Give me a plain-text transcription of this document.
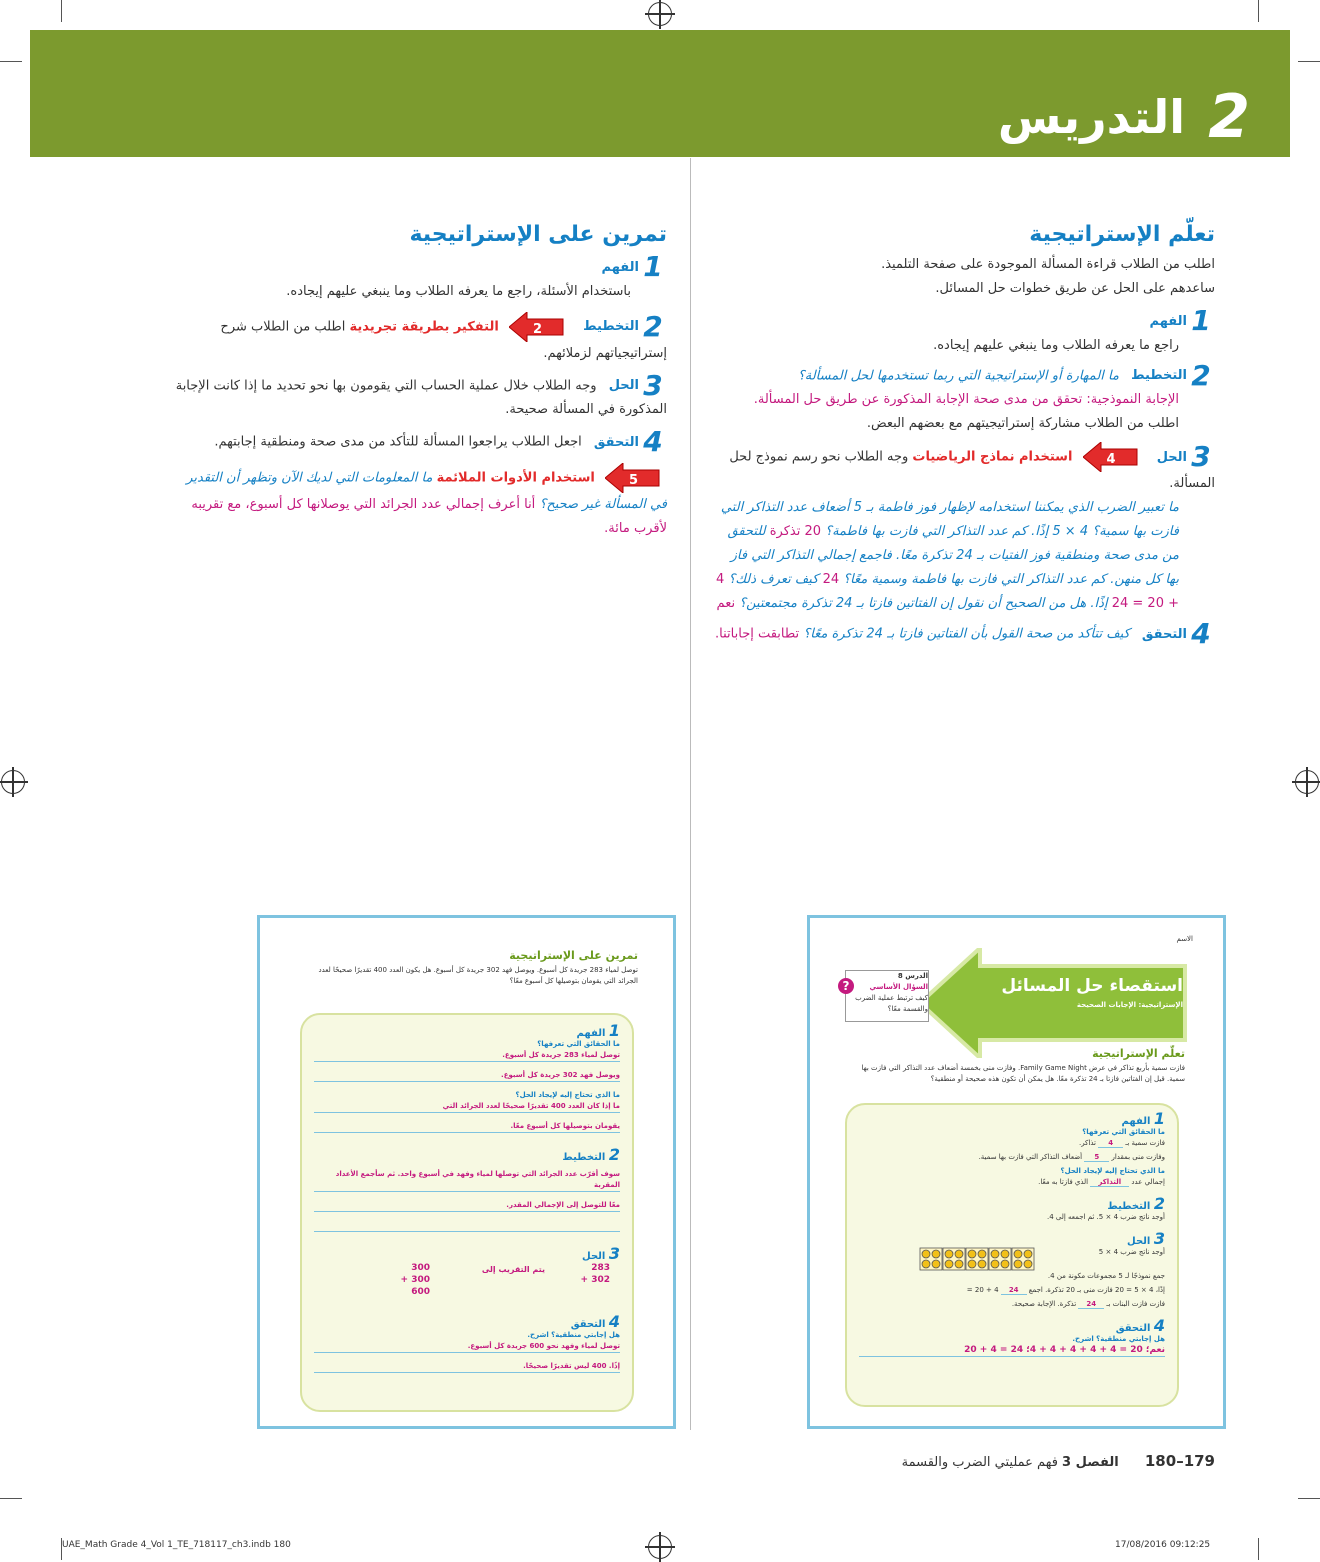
التدريس 2
تعلّم الإستراتيجية
اطلب من الطلاب قراءة المسألة الموجودة على صفحة التلميذ.
ساعدهم على الحل عن طريق خطوات حل المسائل.
1الفهم
راجع ما يعرفه الطلاب وما ينبغي عليهم إيجاده.
2التخطيط ما المهارة أو الإستراتيجية التي ربما تستخدمها لحل المسألة؟
الإجابة النموذجية: تحقق من مدى صحة الإجابة المذكورة عن طريق حل المسألة.
اطلب من الطلاب مشاركة إستراتيجيتهم مع بعضهم البعض.
3الحل
4
استخدام نماذج الرياضيات وجه الطلاب نحو رسم نموذج لحل المسألة.
ما تعبير الضرب الذي يمكننا استخدامه لإظهار فوز فاطمة بـ 5 أضعاف عدد التذاكر التي فازت بها سمية؟ 4 × 5 إذًا. كم عدد التذاكر التي فازت بها فاطمة؟ 20 تذكرة للتحقق من مدى صحة ومنطقية فوز الفتيات بـ 24 تذكرة معًا. فاجمع إجمالي التذاكر التي فاز بها كل منهن. كم عدد التذاكر التي فازت بها فاطمة وسمية معًا؟ 24 كيف تعرف ذلك؟ 4 + 20 = 24 إذًا. هل من الصحيح أن نقول إن الفتاتين فازتا بـ 24 تذكرة مجتمعتين؟ نعم
4التحقق كيف تتأكد من صحة القول بأن الفتاتين فازتا بـ 24 تذكرة معًا؟ تطابقت إجاباتنا.
تمرين على الإستراتيجية
1الفهم
باستخدام الأسئلة، راجع ما يعرفه الطلاب وما ينبغي عليهم إيجاده.
2التخطيط
2
التفكير بطريقة تجريدية اطلب من الطلاب شرح إستراتيجياتهم لزملائهم.
3الحل وجه الطلاب خلال عملية الحساب التي يقومون بها نحو تحديد ما إذا كانت الإجابة المذكورة في المسألة صحيحة.
4التحقق اجعل الطلاب يراجعوا المسألة للتأكد من مدى صحة ومنطقية إجابتهم.
5
استخدام الأدوات الملائمة ما المعلومات التي لديك الآن وتظهر أن التقدير في المسألة غير صحيح؟ أنا أعرف إجمالي عدد الجرائد التي يوصلانها كل أسبوع، مع تقريبه لأقرب مائة.
تمرين على الإستراتيجية
توصل لمياء 283 جريدة كل أسبوع. ويوصل فهد 302 جريدة كل أسبوع. هل يكون العدد 400 تقديرًا صحيحًا لعدد الجرائد التي يقومان بتوصيلها كل أسبوع معًا؟
1 الفهم
ما الحقائق التي تعرفها؟
توصل لمياء 283 جريدة كل أسبوع.
ويوصل فهد 302 جريدة كل أسبوع.
ما الذي تحتاج إليه لإيجاد الحل؟
ما إذا كان العدد 400 تقديرًا صحيحًا لعدد الجرائد التي
يقومان بتوصيلها كل أسبوع معًا.
2 التخطيط
سوف أقرّب عدد الجرائد التي توصلها لمياء وفهد في أسبوع واحد. ثم سأجمع الأعداد المقربة
معًا للتوصل إلى الإجمالي المقدر.
3 الحل
283
+ 302
يتم التقريب إلى
300
+ 300
600
4 التحقق
هل إجابتي منطقية؟ اشرح.
توصل لمياء وفهد نحو 600 جريدة كل أسبوع.
إذًا. 400 ليس تقديرًا صحيحًا.
الاسم
استقصاء حل المسائل
الإستراتيجية: الإجابات الصحيحة
الدرس 8
السؤال الأساسي
كيف ترتبط عملية الضرب والقسمة معًا؟
?
تعلّم الإستراتيجية
فازت سمية بأربع تذاكر في عرض Family Game Night. وفازت منى بخمسة أضعاف عدد التذاكر التي فازت بها سمية. قيل إن الفتاتين فازتا بـ 24 تذكرة معًا. هل يمكن أن تكون هذه صحيحة أو منطقية؟
1 الفهم
ما الحقائق التي تعرفها؟
فازت سمية بـ 4 تذاكر.
وفازت منى بمقدار 5 أضعاف التذاكر التي فازت بها سمية.
ما الذي تحتاج إليه لإيجاد الحل؟
إجمالي عدد التذاكر الذي فازتا به معًا.
2 التخطيط
أوجد ناتج ضرب 4 × 5. ثم اجمعه إلى 4.
3 الحل
أوجد ناتج ضرب 4 × 5
جمع نموذجًا لـ 5 مجموعات مكونة من 4.
إذًا، 4 × 5 = 20 فازت منى بـ 20 تذكرة. اجمع 24 4 + 20 =
فازت فازت البنات بـ 24 تذكرة. الإجابة صحيحة.
4 التحقق
هل إجابتي منطقية؟ اشرح.
نعم؛ 20 = 4 + 4 + 4 + 4 + 4؛ 24 = 4 + 20
179–180 الفصل 3 فهم عمليتي الضرب والقسمة
UAE_Math Grade 4_Vol 1_TE_718117_ch3.indb 180	17/08/2016 09:12:25
